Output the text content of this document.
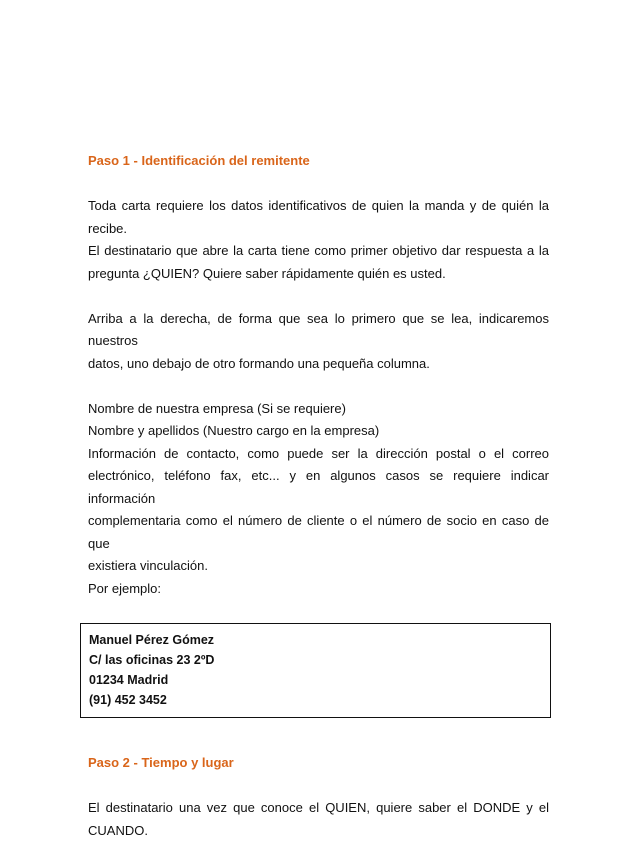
Paso 1 - Identificación del remitente

Toda carta requiere los datos identificativos de quien la manda y de quién la
recibe.

El destinatario que abre la carta tiene como primer objetivo dar respuesta a la
pregunta ¿QUIEN? Quiere saber rápidamente quién es usted.

Arriba a la derecha, de forma que sea lo primero que se lea, indicaremos nuestros
datos, uno debajo de otro formando una pequeña columna.

Nombre de nuestra empresa (Si se requiere)

Nombre y apellidos (Nuestro cargo en la empresa)

Información de contacto, como puede ser la dirección postal o el correo
electrónico, teléfono fax, etc... y en algunos casos se requiere indicar información
complementaria como el número de cliente o el número de socio en caso de que
existiera vinculación.

Por ejemplo:

Manuel Pérez Gómez
C/ las oficinas 23 2ºD
01234 Madrid
(91) 452 3452

Paso 2 - Tiempo y lugar

El destinatario una vez que conoce el QUIEN, quiere saber el DONDE y el
CUANDO.
